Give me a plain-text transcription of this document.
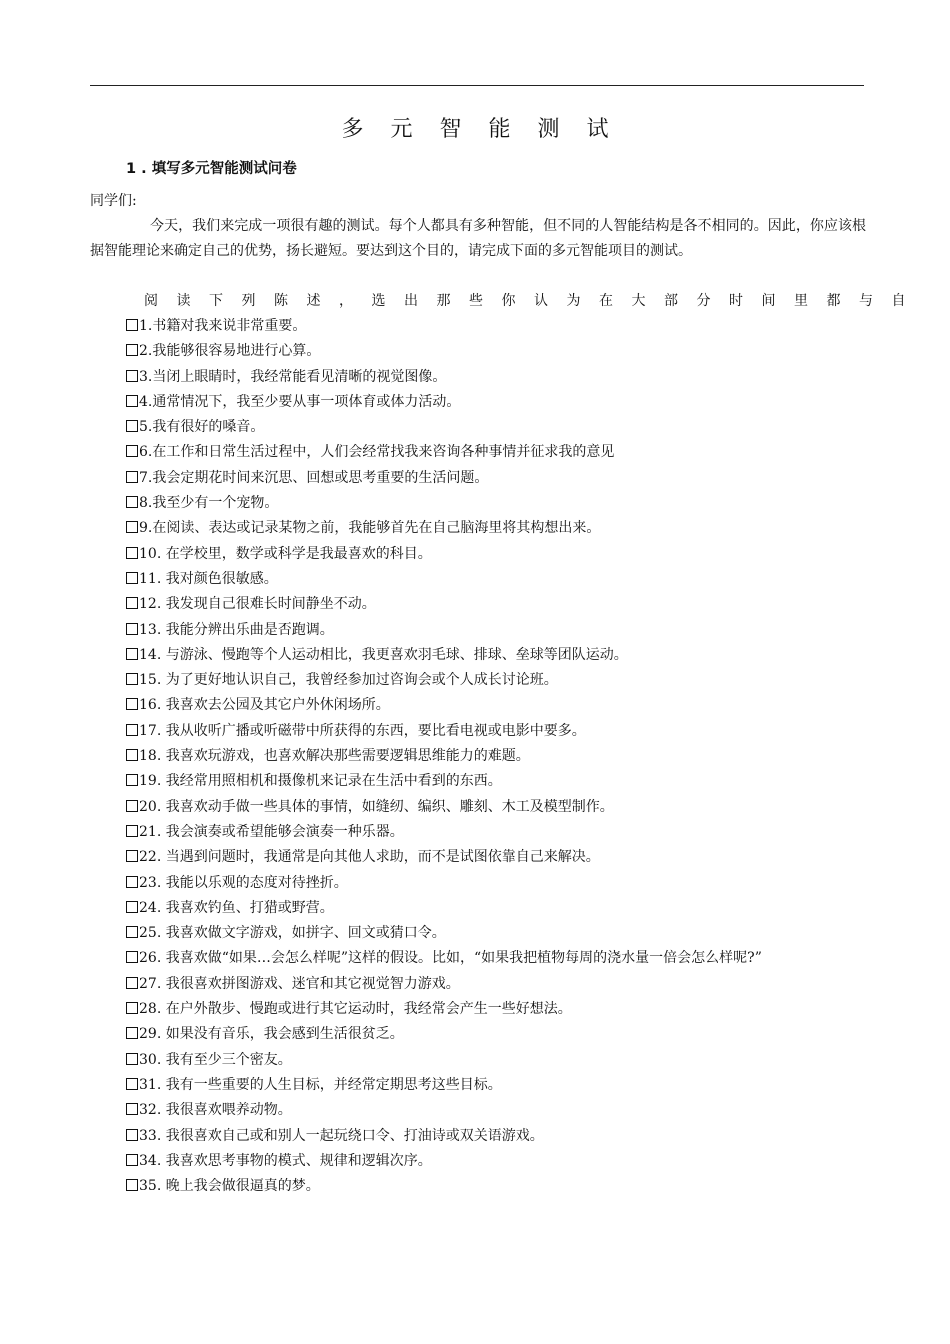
多 元 智 能 测 试
1 . 填写多元智能测试问卷
同学们:

今天，我们来完成一项很有趣的测试。每个人都具有多种智能，但不同的人智能结构是各不相同的。因此，你应该根据智能理论来确定自己的优势，扬长避短。要达到这个目的，请完成下面的多元智能项目的测试。

阅读下列陈述，选出那些你认为在大部分时间里都与自
1.书籍对我来说非常重要。
2.我能够很容易地进行心算。
3.当闭上眼睛时，我经常能看见清晰的视觉图像。
4.通常情况下，我至少要从事一项体育或体力活动。
5.我有很好的嗓音。
6.在工作和日常生活过程中，人们会经常找我来咨询各种事情并征求我的意见
7.我会定期花时间来沉思、回想或思考重要的生活问题。
8.我至少有一个宠物。
9.在阅读、表达或记录某物之前，我能够首先在自己脑海里将其构想出来。
10. 在学校里，数学或科学是我最喜欢的科目。
11. 我对颜色很敏感。
12. 我发现自己很难长时间静坐不动。
13. 我能分辨出乐曲是否跑调。
14. 与游泳、慢跑等个人运动相比，我更喜欢羽毛球、排球、垒球等团队运动。
15. 为了更好地认识自己，我曾经参加过咨询会或个人成长讨论班。
16. 我喜欢去公园及其它户外休闲场所。
17. 我从收听广播或听磁带中所获得的东西，要比看电视或电影中要多。
18. 我喜欢玩游戏，也喜欢解决那些需要逻辑思维能力的难题。
19. 我经常用照相机和摄像机来记录在生活中看到的东西。
20. 我喜欢动手做一些具体的事情，如缝纫、编织、雕刻、木工及模型制作。
21. 我会演奏或希望能够会演奏一种乐器。
22. 当遇到问题时，我通常是向其他人求助，而不是试图依靠自己来解决。
23. 我能以乐观的态度对待挫折。
24. 我喜欢钓鱼、打猎或野营。
25. 我喜欢做文字游戏，如拼字、回文或猜口令。
26. 我喜欢做“如果…会怎么样呢”这样的假设。比如，“如果我把植物每周的浇水量一倍会怎么样呢?”
27. 我很喜欢拼图游戏、迷官和其它视觉智力游戏。
28. 在户外散步、慢跑或进行其它运动时，我经常会产生一些好想法。
29. 如果没有音乐，我会感到生活很贫乏。
30. 我有至少三个密友。
31. 我有一些重要的人生目标，并经常定期思考这些目标。
32. 我很喜欢喂养动物。
33. 我很喜欢自己或和别人一起玩绕口令、打油诗或双关语游戏。
34. 我喜欢思考事物的模式、规律和逻辑次序。
35. 晚上我会做很逼真的梦。
